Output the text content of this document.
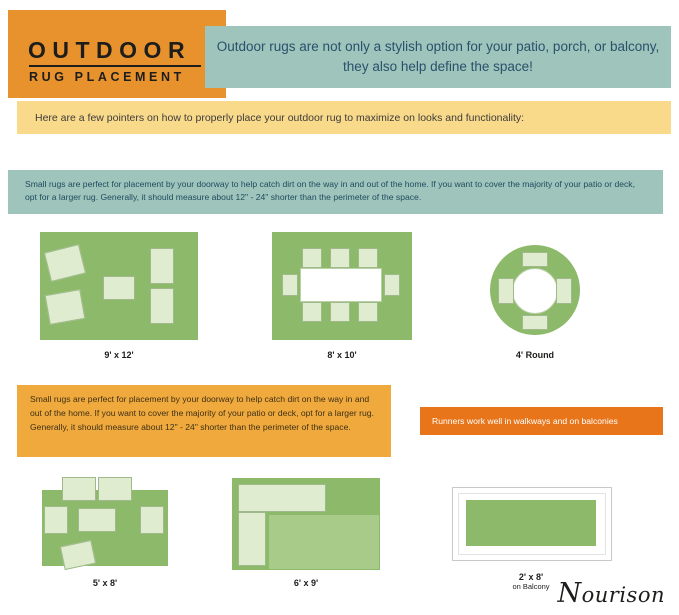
OUTDOOR
RUG PLACEMENT
Outdoor rugs are not only a stylish option for your patio, porch, or balcony, they also help define the space!
Here are a few pointers on how to properly place your outdoor rug to maximize on looks and functionality:

Small rugs are perfect for placement by your doorway to help catch dirt on the way in and out of the home. If you want to cover the majority of your patio or deck, opt for a larger rug. Generally, it should measure about 12" - 24" shorter than the perimeter of the space.

9' x 12'	8' x 10'	4' Round

Small rugs are perfect for placement by your doorway to help catch dirt on the way in and out of the home. If you want to cover the majority of your patio or deck, opt for a larger rug. Generally, it should measure about 12" - 24" shorter than the perimeter of the space.

Runners work well in walkways and on balconies

5' x 8'	6' x 9'
2' x 8'
on Balcony Nourison
